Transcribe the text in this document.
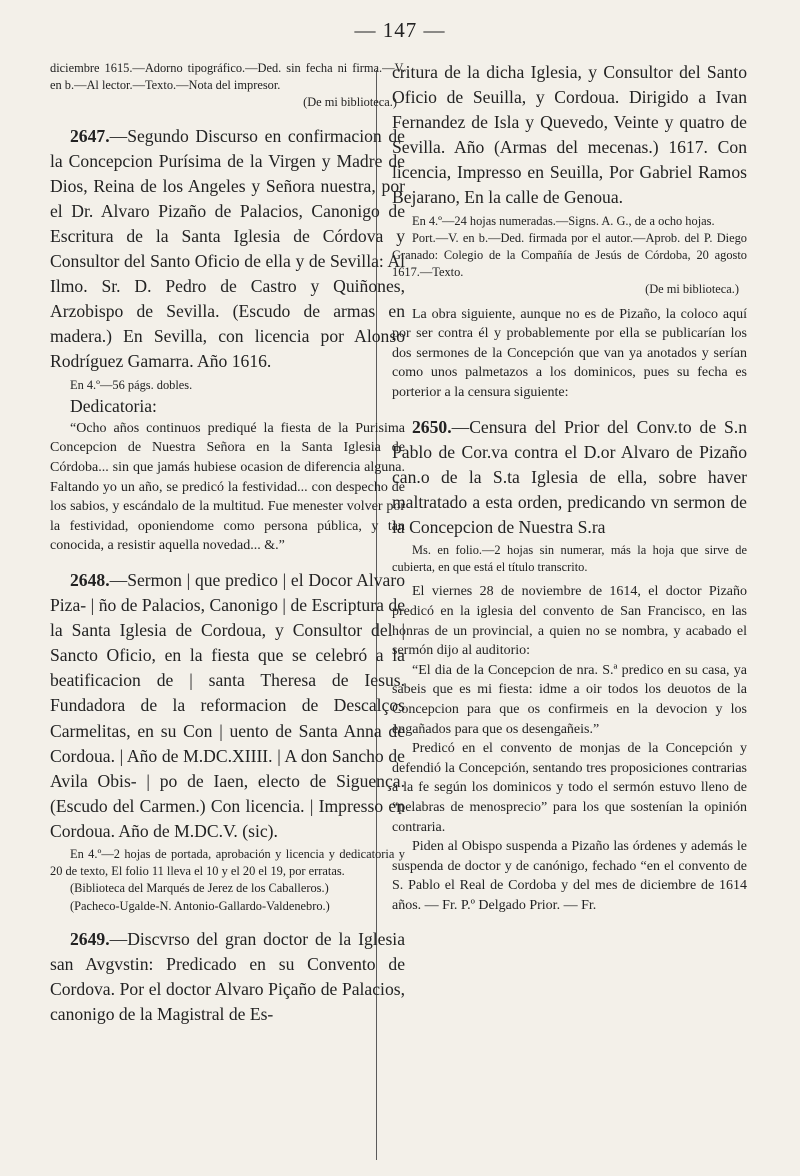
— 147 —

diciembre 1615.—Adorno tipográfico.—Ded. sin fecha ni firma.—V. en b.—Al lector.—Texto.—Nota del impresor.

(De mi biblioteca.)

2647.—Segundo Discurso en confirmacion de la Concepcion Purísima de la Virgen y Madre de Dios, Reina de los Angeles y Señora nuestra, por el Dr. Alvaro Pizaño de Palacios, Canonigo de Escritura de la Santa Iglesia de Córdova y Consultor del Santo Oficio de ella y de Sevilla: Al Ilmo. Sr. D. Pedro de Castro y Quiñones, Arzobispo de Sevilla. (Escudo de armas en madera.) En Sevilla, con licencia por Alonso Rodríguez Gamarra. Año 1616.

En 4.º—56 págs. dobles.

Dedicatoria:

“Ocho años continuos prediqué la fiesta de la Purisima Concepcion de Nuestra Señora en la Santa Iglesia de Córdoba... sin que jamás hubiese ocasion de diferencia alguna. Faltando yo un año, se predicó la festividad... con despecho de los sabios, y escándalo de la multitud. Fue menester volver por la festividad, oponiendome como persona pública, y tan conocida, a resistir aquella novedad... &.”

2648.—Sermon | que predico | el Docor Alvaro Piza- | ño de Palacios, Canonigo | de Escriptura de la Santa Iglesia de Cordoua, y Consultor del | Sancto Oficio, en la fiesta que se celebró a la beatificacion de | santa Theresa de Iesus. Fundadora de la reformacion de Descalços Carmelitas, en su Con | uento de Santa Anna de Cordoua. | Año de M.DC.XIIII. | A don Sancho de Avila Obis- | po de Iaen, electo de Siguença. (Escudo del Carmen.) Con licencia. | Impresso en Cordoua. Año de M.DC.V. (sic).

En 4.º—2 hojas de portada, aprobación y licencia y dedicatoria y 20 de texto, El folio 11 lleva el 10 y el 20 el 19, por erratas.

(Biblioteca del Marqués de Jerez de los Caballeros.)

(Pacheco-Ugalde-N. Antonio-Gallardo-Valdenebro.)

2649.—Discvrso del gran doctor de la Iglesia san Avgvstin: Predicado en su Convento de Cordova. Por el doctor Alvaro Piçaño de Palacios, canonigo de la Magistral de Es-

critura de la dicha Iglesia, y Consultor del Santo Oficio de Seuilla, y Cordoua. Dirigido a Ivan Fernandez de Isla y Quevedo, Veinte y quatro de Sevilla. Año (Armas del mecenas.) 1617. Con licencia, Impresso en Seuilla, Por Gabriel Ramos Bejarano, En la calle de Genoua.

En 4.º—24 hojas numeradas.—Signs. A. G., de a ocho hojas.

Port.—V. en b.—Ded. firmada por el autor.—Aprob. del P. Diego Granado: Colegio de la Compañía de Jesús de Córdoba, 20 agosto 1617.—Texto.

(De mi biblioteca.)

La obra siguiente, aunque no es de Pizaño, la coloco aquí por ser contra él y probablemente por ella se publicarían los dos sermones de la Concepción que van ya anotados y serían como unos palmetazos a los dominicos, pues su fecha es porterior a la censura siguiente:

2650.—Censura del Prior del Conv.to de S.n Pablo de Cor.va contra el D.or Alvaro de Pizaño can.o de la S.ta Iglesia de ella, sobre haver maltratado a esta orden, predicando vn sermon de la Concepcion de Nuestra S.ra

Ms. en folio.—2 hojas sin numerar, más la hoja que sirve de cubierta, en que está el título transcrito.

El viernes 28 de noviembre de 1614, el doctor Pizaño predicó en la iglesia del convento de San Francisco, en las honras de un provincial, a quien no se nombra, y acabado el sermón dijo al auditorio:

“El dia de la Concepcion de nra. S.ª predico en su casa, ya sabeis que es mi fiesta: idme a oir todos los deuotos de la Concepcion para que os confirmeis en la devocion y los engañados para que os desengañeis.”

Predicó en el convento de monjas de la Concepción y defendió la Concepción, sentando tres proposiciones contrarias a la fe según los dominicos y todo el sermón estuvo lleno de “pelabras de menosprecio” para los que sostenían la opinión contraria.

Piden al Obispo suspenda a Pizaño las órdenes y además le suspenda de doctor y de canónigo, fechado “en el convento de S. Pablo el Real de Cordoba y del mes de diciembre de 1614 años. — Fr. P.º Delgado Prior. — Fr.
